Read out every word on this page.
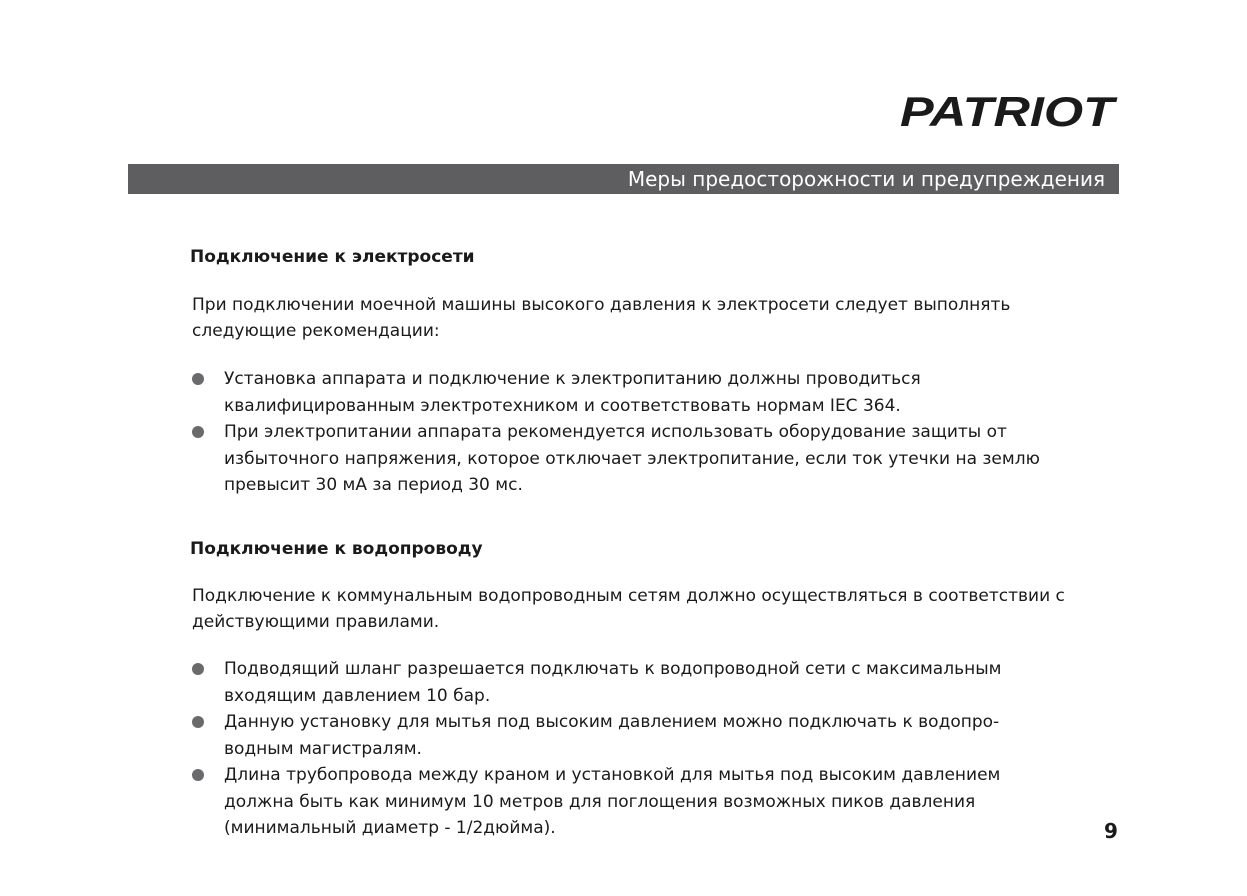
PATRIOT
Меры предосторожности и предупреждения
Подключение к электросети

При подключении моечной машины высокого давления к электросети следует выполнять следующие рекомендации:

Установка аппарата и подключение к электропитанию должны проводиться квалифицированным электротехником и соответствовать нормам IEC 364.
При электропитании аппарата рекомендуется использовать оборудование защиты от избыточного напряжения, которое отключает электропитание, если ток утечки на землю превысит 30 мА за период 30 мс.
Подключение к водопроводу

Подключение к коммунальным водопроводным сетям должно осуществляться в соответствии с действующими правилами.

Подводящий шланг разрешается подключать к водопроводной сети с максимальным входящим давлением 10 бар.
Данную установку для мытья под высоким давлением можно подключать к водопро-водным магистралям.
Длина трубопровода между краном и установкой для мытья под высоким давлением должна быть как минимум 10 метров для поглощения возможных пиков давления (минимальный диаметр - 1/2дюйма).	9
